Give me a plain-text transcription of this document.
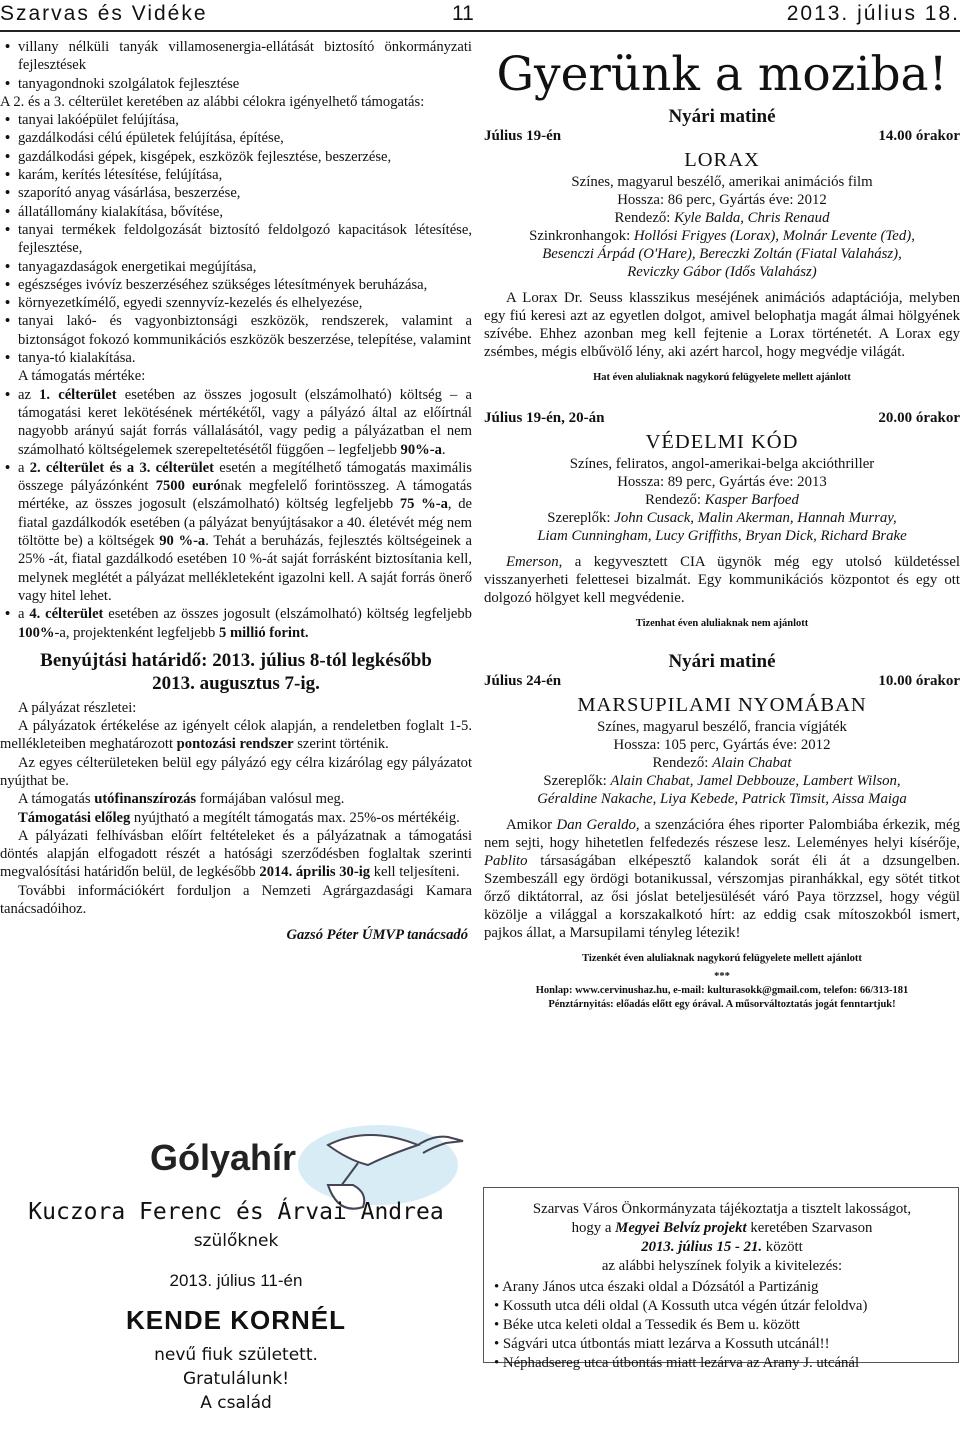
Szarvas és Vidéke	11	2013. július 18.
• villany nélküli tanyák villamosenergia-ellátását biztosító önkormányzati fejlesztések
• tanyagondnoki szolgálatok fejlesztése

A 2. és a 3. célterület keretében az alábbi célokra igényelhető támogatás:

• tanyai lakóépület felújítása,
• gazdálkodási célú épületek felújítása, építése,
• gazdálkodási gépek, kisgépek, eszközök fejlesztése, beszerzése,
• karám, kerítés létesítése, felújítása,
• szaporító anyag vásárlása, beszerzése,
• állatállomány kialakítása, bővítése,
• tanyai termékek feldolgozását biztosító feldolgozó kapacitások létesítése, fejlesztése,
• tanyagazdaságok energetikai megújítása,
• egészséges ivóvíz beszerzéséhez szükséges létesítmények beruházása,
• környezetkímélő, egyedi szennyvíz-kezelés és elhelyezése,
• tanyai lakó- és vagyonbiztonsági eszközök, rendszerek, valamint a biztonságot fokozó kommunikációs eszközök beszerzése, telepítése, valamint
• tanya-tó kialakítása.

A támogatás mértéke:

• az 1. célterület esetében az összes jogosult (elszámolható) költség – a támogatási keret lekötésének mértékétől, vagy a pályázó által az előírtnál nagyobb arányú saját forrás vállalásától, vagy pedig a pályázatban el nem számolható költségelemek szerepeltetésétől függően – legfeljebb 90%-a.
• a 2. célterület és a 3. célterület esetén a megítélhető támogatás maximális összege pályázónként 7500 eurónak megfelelő forintösszeg. A támogatás mértéke, az összes jogosult (elszámolható) költség legfeljebb 75 %-a, de fiatal gazdálkodók esetében (a pályázat benyújtásakor a 40. életévét még nem töltötte be) a költségek 90 %-a. Tehát a beruházás, fejlesztés költségeinek a 25% -át, fiatal gazdálkodó esetében 10 %-át saját forrásként biztosítania kell, melynek meglétét a pályázat mellékleteként igazolni kell. A saját forrás önerő vagy hitel lehet.
• a 4. célterület esetében az összes jogosult (elszámolható) költség legfeljebb 100%-a, projektenként legfeljebb 5 millió forint.
Benyújtási határidő: 2013. július 8-tól legkésőbb
2013. augusztus 7-ig.

A pályázat részletei:

A pályázatok értékelése az igényelt célok alapján, a rendeletben foglalt 1-5. mellékleteiben meghatározott pontozási rendszer szerint történik.

Az egyes célterületeken belül egy pályázó egy célra kizárólag egy pályázatot nyújthat be.

A támogatás utófinanszírozás formájában valósul meg.

Támogatási előleg nyújtható a megítélt támogatás max. 25%-os mértékéig.

A pályázati felhívásban előírt feltételeket és a pályázatnak a támogatási döntés alapján elfogadott részét a hatósági szerződésben foglaltak szerinti megvalósítási határidőn belül, de legkésőbb 2014. április 30-ig kell teljesíteni.

További információkért forduljon a Nemzeti Agrárgazdasági Kamara tanácsadóihoz.

Gazsó Péter ÚMVP tanácsadó
Gólyahír
Kuczora Ferenc és Árvai Andrea
szülőknek
2013. július 11-én
KENDE KORNÉL
nevű fiuk született.
Gratulálunk!
A család
Gyerünk a moziba!
Nyári matiné
Július 19-én	14.00 órakor
LORAX
Színes, magyarul beszélő, amerikai animációs film
Hossza: 86 perc, Gyártás éve: 2012
Rendező: Kyle Balda, Chris Renaud
Szinkronhangok: Hollósi Frigyes (Lorax), Molnár Levente (Ted),
Besenczi Árpád (O'Hare), Bereczki Zoltán (Fiatal Valahász),
Reviczky Gábor (Idős Valahász)
A Lorax Dr. Seuss klasszikus meséjének animációs adaptációja, melyben egy fiú keresi azt az egyetlen dolgot, amivel belophatja magát álmai hölgyének szívébe. Ehhez azonban meg kell fejtenie a Lorax történetét. A Lorax egy zsémbes, mégis elbűvölő lény, aki azért harcol, hogy megvédje világát.
Hat éven aluliaknak nagykorú felügyelete mellett ajánlott
Július 19-én, 20-án	20.00 órakor
VÉDELMI KÓD
Színes, feliratos, angol-amerikai-belga akcióthriller
Hossza: 89 perc, Gyártás éve: 2013
Rendező: Kasper Barfoed
Szereplők: John Cusack, Malin Akerman, Hannah Murray,
Liam Cunningham, Lucy Griffiths, Bryan Dick, Richard Brake
Emerson, a kegyvesztett CIA ügynök még egy utolsó küldetéssel visszanyerheti felettesei bizalmát. Egy kommunikációs központot és egy ott dolgozó hölgyet kell megvédenie.
Tizenhat éven aluliaknak nem ajánlott
Nyári matiné
Július 24-én	10.00 órakor
MARSUPILAMI NYOMÁBAN
Színes, magyarul beszélő, francia vígjáték
Hossza: 105 perc, Gyártás éve: 2012
Rendező: Alain Chabat
Szereplők: Alain Chabat, Jamel Debbouze, Lambert Wilson,
Géraldine Nakache, Liya Kebede, Patrick Timsit, Aissa Maiga
Amikor Dan Geraldo, a szenzációra éhes riporter Palombiába érkezik, még nem sejti, hogy hihetetlen felfedezés részese lesz. Leleményes helyi kísérője, Pablito társaságában elképesztő kalandok sorát éli át a dzsungelben. Szembeszáll egy ördögi botanikussal, vérszomjas piranhákkal, egy sötét titkot őrző diktátorral, az ősi jóslat beteljesülését váró Paya törzzsel, hogy végül közölje a világgal a korszakalkotó hírt: az eddig csak mítoszokból ismert, pajkos állat, a Marsupilami tényleg létezik!
Tizenkét éven aluliaknak nagykorú felügyelete mellett ajánlott
***
Honlap: www.cervinushaz.hu, e-mail: kulturasokk@gmail.com, telefon: 66/313-181
Pénztárnyitás: előadás előtt egy órával. A műsorváltoztatás jogát fenntartjuk!
Szarvas Város Önkormányzata tájékoztatja a tisztelt lakosságot,
hogy a Megyei Belvíz projekt keretében Szarvason
2013. július 15 - 21. között
az alábbi helyszínek folyik a kivitelezés:
• Arany János utca északi oldal a Dózsától a Partizánig
• Kossuth utca déli oldal (A Kossuth utca végén útzár feloldva)
• Béke utca keleti oldal a Tessedik és Bem u. között
• Ságvári utca útbontás miatt lezárva a Kossuth utcánál!!
• Néphadsereg utca útbontás miatt lezárva az Arany J. utcánál
